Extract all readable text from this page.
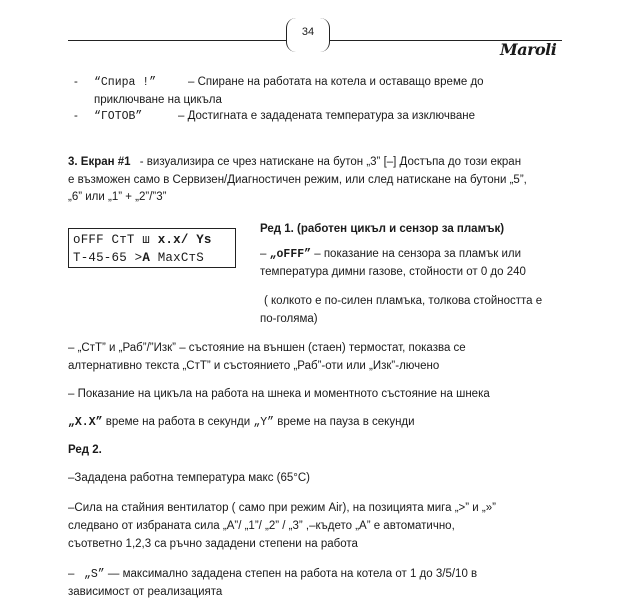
34
Maroli
- “Спира !”	– Спиране на работата на котела и оставащо време до
приключване на цикъла
- “ГОТОВ”	– Достигната е зададената температура за изключване
3. Екран #1 - визуализира се чрез натискане на бутон „3” [–] Достъпа до този екран
е възможен само в Сервизен/Диагностичен режим, или след натискане на бутони „5”,
„6” или „1” + „2”/”3”
oFFF СтТ ш x.x/ Ys
T-45-65 >A MaxCтS
Ред 1. (работен цикъл и сензор за пламък)
– „oFFF” – показание на сензора за пламък или
температура димни газове, стойности от 0 до 240
( колкото е по-силен пламъка, толкова стойността е
по-голяма)
– „СтТ” и „Раб”/”Изк” – състояние на външен (стаен) термостат, показва се
алтернативно текста „СтТ” и състоянието „Раб”-оти или „Изк”-лючено
– Показание на цикъла на работа на шнека и моментното състояние на шнека
„X.X” време на работа в секунди „Y” време на пауза в секунди
Ред 2.
–Зададена работна температура макс (65°C)
–Сила на стайния вентилатор ( само при режим Air), на позицията мига „>” и „»”
следвано от избраната сила „A”/ „1”/ „2” / „3” ,–където „A” е автоматично,
съответно 1,2,3 са ръчно зададени степени на работа
– „S” — максимално зададена степен на работа на котела от 1 до 3/5/10 в
зависимост от реализацията
